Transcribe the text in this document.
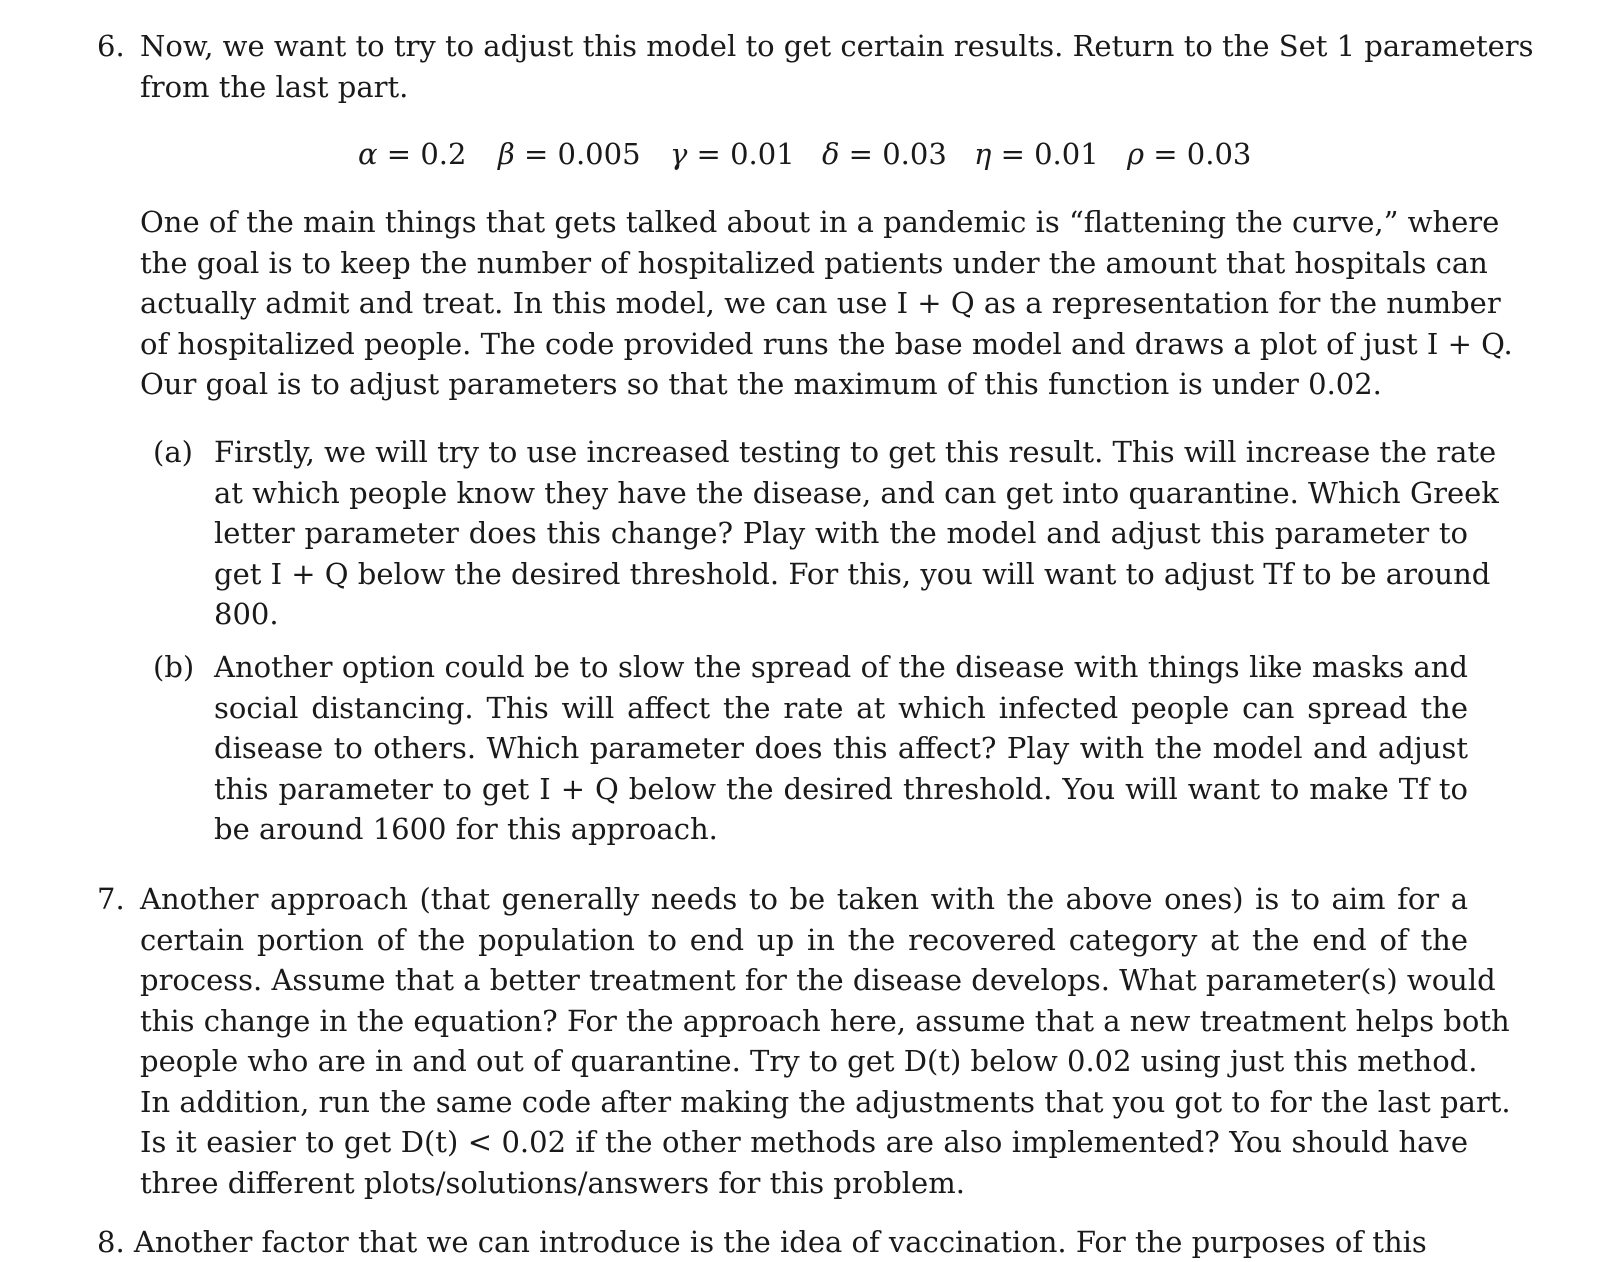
6. Now, we want to try to adjust this model to get certain results. Return to the Set 1 parameters
from the last part.
α = 0.2 β = 0.005 γ = 0.01 δ = 0.03 η = 0.01 ρ = 0.03
One of the main things that gets talked about in a pandemic is “flattening the curve,” where
the goal is to keep the number of hospitalized patients under the amount that hospitals can
actually admit and treat. In this model, we can use I + Q as a representation for the number
of hospitalized people. The code provided runs the base model and draws a plot of just I + Q.
Our goal is to adjust parameters so that the maximum of this function is under 0.02.
(a) Firstly, we will try to use increased testing to get this result. This will increase the rate
at which people know they have the disease, and can get into quarantine. Which Greek
letter parameter does this change? Play with the model and adjust this parameter to
get I + Q below the desired threshold. For this, you will want to adjust Tf to be around
800.
(b) Another option could be to slow the spread of the disease with things like masks and
social distancing. This will affect the rate at which infected people can spread the
disease to others. Which parameter does this affect? Play with the model and adjust
this parameter to get I + Q below the desired threshold. You will want to make Tf to
be around 1600 for this approach.
7. Another approach (that generally needs to be taken with the above ones) is to aim for a
certain portion of the population to end up in the recovered category at the end of the
process. Assume that a better treatment for the disease develops. What parameter(s) would
this change in the equation? For the approach here, assume that a new treatment helps both
people who are in and out of quarantine. Try to get D(t) below 0.02 using just this method.
In addition, run the same code after making the adjustments that you got to for the last part.
Is it easier to get D(t) < 0.02 if the other methods are also implemented? You should have
three different plots/solutions/answers for this problem.
8. Another factor that we can introduce is the idea of vaccination. For the purposes of this
